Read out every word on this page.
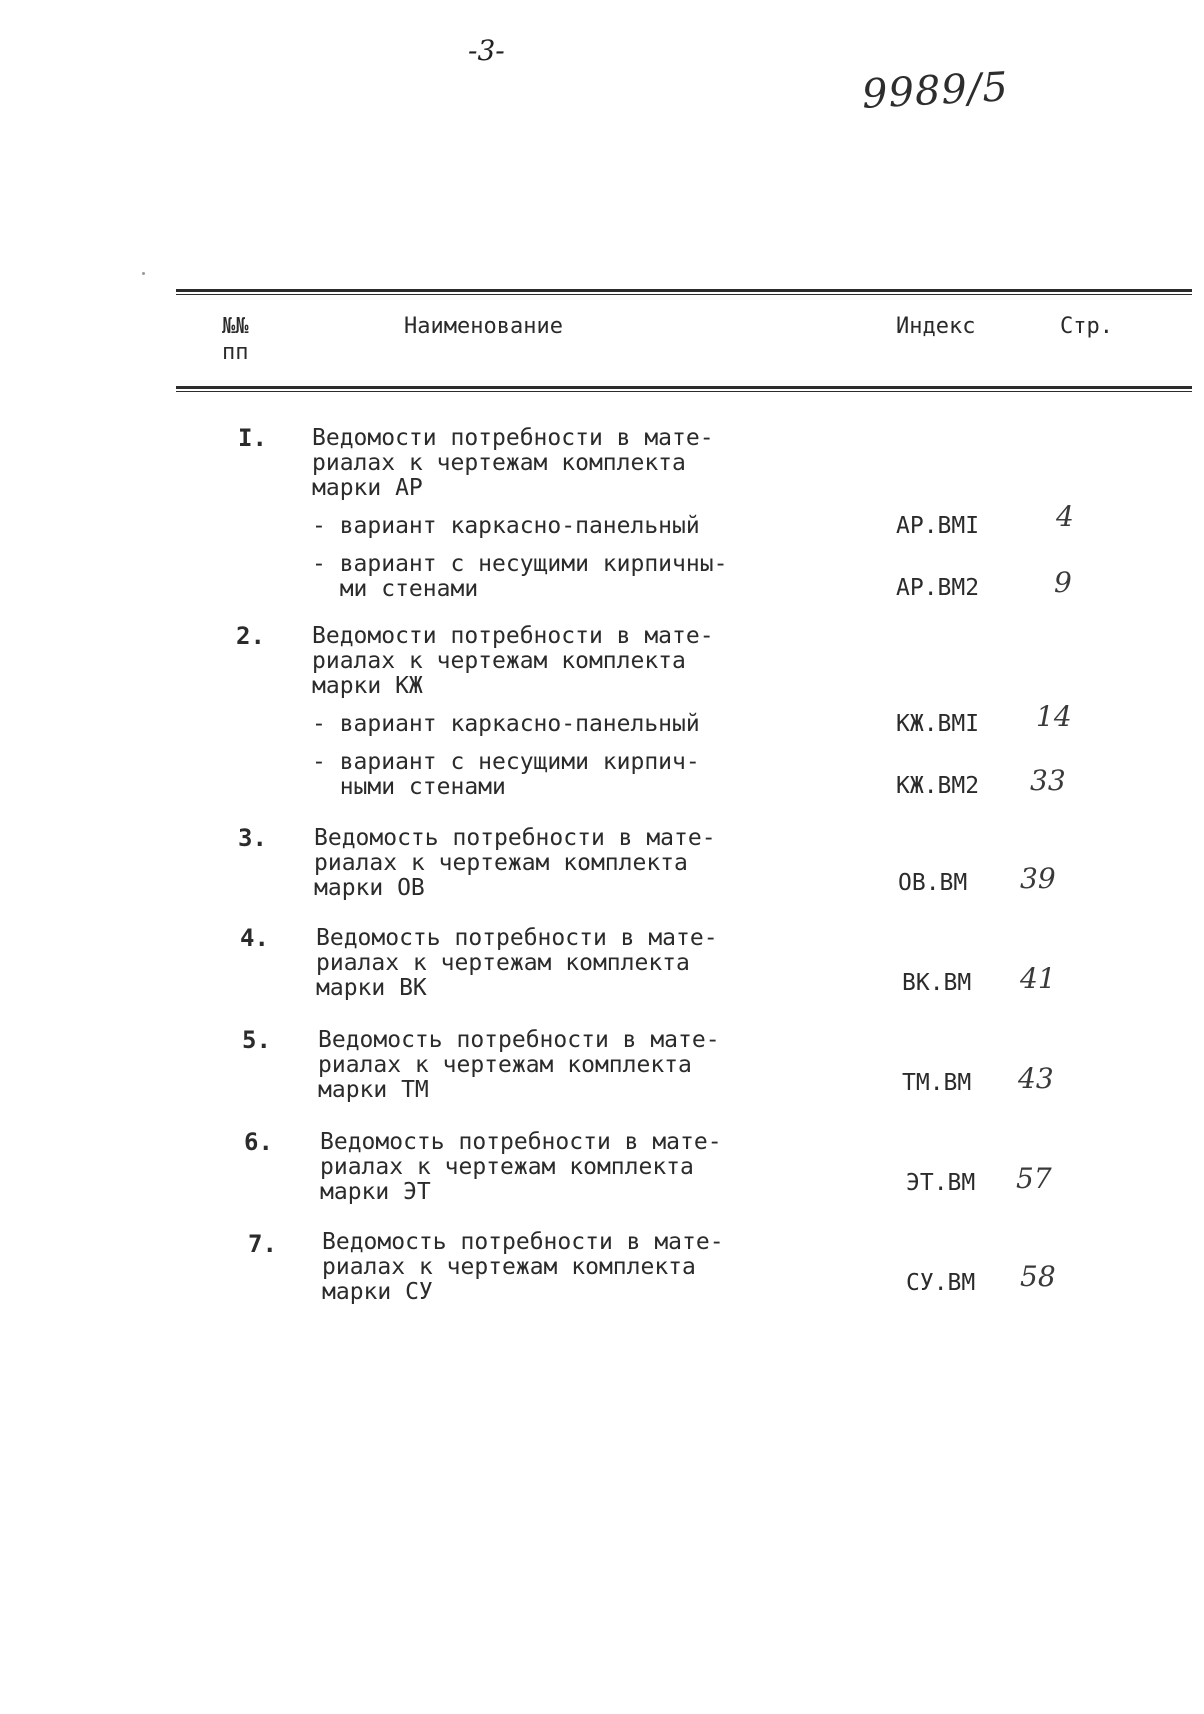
-3-
9989/5
№№
пп
Наименование	Индекс	Стр.
I. Ведомости потребности в мате-
риалах к чертежам комплекта
марки АР
- вариант каркасно-панельный	АР.ВМI	4
- вариант с несущими кирпичны-
ми стенами	АР.ВМ2	9
2. Ведомости потребности в мате-
риалах к чертежам комплекта
марки КЖ
- вариант каркасно-панельный	КЖ.ВМI 14
- вариант с несущими кирпич-
ными стенами	КЖ.ВМ2 33
3. Ведомость потребности в мате-
риалах к чертежам комплекта
марки ОВ	ОВ.ВМ 39
4. Ведомость потребности в мате-
риалах к чертежам комплекта
марки ВК	ВК.ВМ 41
5. Ведомость потребности в мате-
риалах к чертежам комплекта
марки ТМ	ТМ.ВМ 43
6. Ведомость потребности в мате-
риалах к чертежам комплекта
марки ЭТ	ЭТ.ВМ 57
7. Ведомость потребности в мате-
риалах к чертежам комплекта
марки СУ	СУ.ВМ 58
